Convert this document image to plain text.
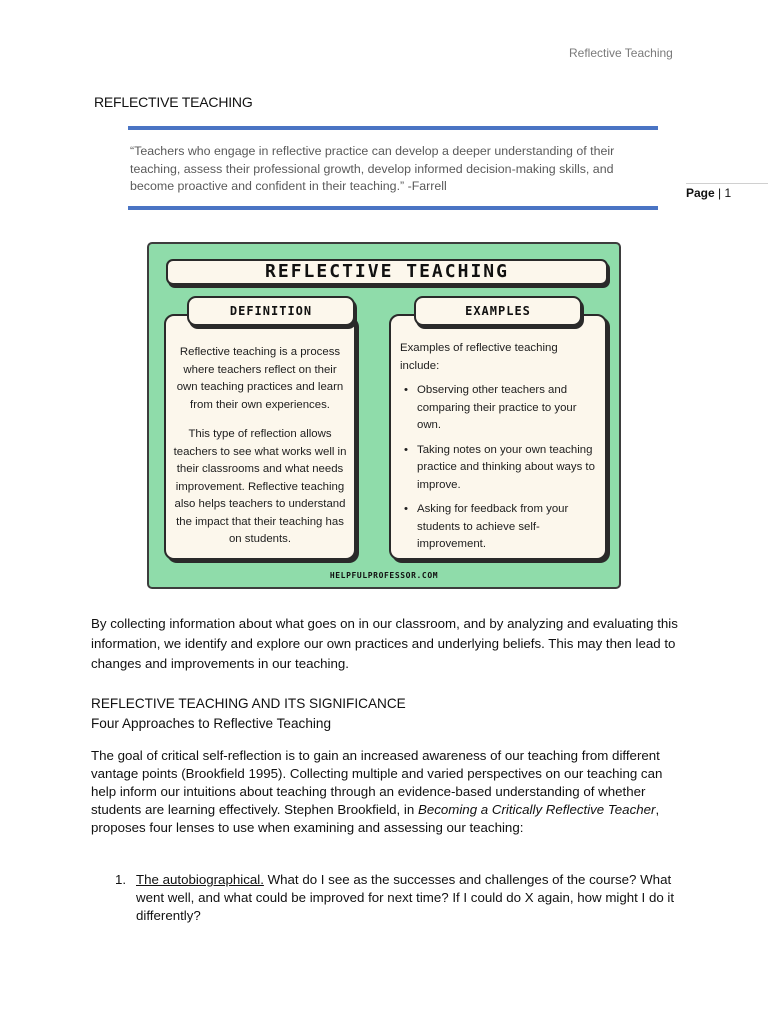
Reflective Teaching
Page | 1
REFLECTIVE TEACHING
“Teachers who engage in reflective practice can develop a deeper understanding of their teaching, assess their professional growth, develop informed decision-making skills, and become proactive and confident in their teaching.” -Farrell
REFLECTIVE TEACHING
Reflective teaching is a process where teachers reflect on their own teaching practices and learn from their own experiences.
This type of reflection allows teachers to see what works well in their classrooms and what needs improvement. Reflective teaching also helps teachers to understand the impact that their teaching has on students.
Examples of reflective teaching include:
• Observing other teachers and comparing their practice to your own.
• Taking notes on your own teaching practice and thinking about ways to improve.
• Asking for feedback from your students to achieve self-improvement.
DEFINITION	EXAMPLES
HELPFULPROFESSOR.COM
By collecting information about what goes on in our classroom, and by analyzing and evaluating this information, we identify and explore our own practices and underlying beliefs. This may then lead to changes and improvements in our teaching.
REFLECTIVE TEACHING AND ITS SIGNIFICANCE
Four Approaches to Reflective Teaching
The goal of critical self-reflection is to gain an increased awareness of our teaching from different vantage points (Brookfield 1995). Collecting multiple and varied perspectives on our teaching can help inform our intuitions about teaching through an evidence-based understanding of whether students are learning effectively. Stephen Brookfield, in Becoming a Critically Reflective Teacher, proposes four lenses to use when examining and assessing our teaching:
1. The autobiographical. What do I see as the successes and challenges of the course? What went well, and what could be improved for next time? If I could do X again, how might I do it differently?
